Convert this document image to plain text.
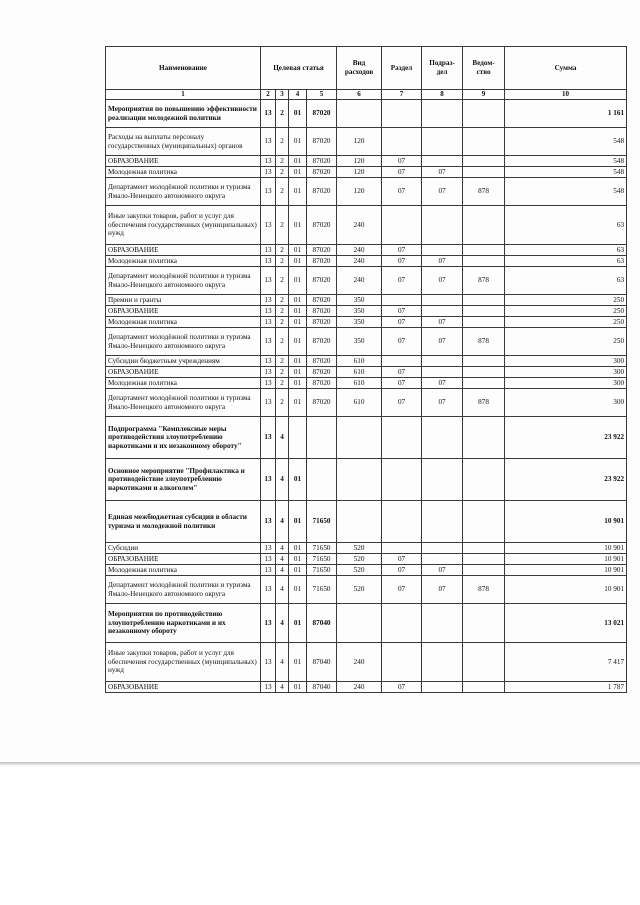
Наименование	Целевая статья				Вид расходов	Раздел	Подраз- дел	Ведом- ство	Сумма
1	2	3	4	5	6	7	8	9	10
Мероприятия по повышению эффективности реализации молодежной политики	13	2	01	87020					1 161
Расходы на выплаты персоналу государственных (муниципальных) органов	13	2	01	87020	120				548
ОБРАЗОВАНИЕ	13	2	01	87020	120	07			548
Молодежная политика	13	2	01	87020	120	07	07		548
Департамент молодёжной политики и туризма Ямало-Ненецкого автономного округа	13	2	01	87020	120	07	07	878	548
Иные закупки товаров, работ и услуг для обеспечения государственных (муниципальных) нужд	13	2	01	87020	240				63
ОБРАЗОВАНИЕ	13	2	01	87020	240	07			63
Молодежная политика	13	2	01	87020	240	07	07		63
Департамент молодёжной политики и туризма Ямало-Ненецкого автономного округа	13	2	01	87020	240	07	07	878	63
Премии и гранты	13	2	01	87020	350				250
ОБРАЗОВАНИЕ	13	2	01	87020	350	07			250
Молодежная политика	13	2	01	87020	350	07	07		250
Департамент молодёжной политики и туризма Ямало-Ненецкого автономного округа	13	2	01	87020	350	07	07	878	250
Субсидии бюджетным учреждениям	13	2	01	87020	610				300
ОБРАЗОВАНИЕ	13	2	01	87020	610	07			300
Молодежная политика	13	2	01	87020	610	07	07		300
Департамент молодёжной политики и туризма Ямало-Ненецкого автономного округа	13	2	01	87020	610	07	07	878	300
Подпрограмма "Комплексные меры противодействия злоупотреблению наркотиками и их незаконному обороту"	13	4							23 922
Основное мероприятие "Профилактика и противодействие злоупотреблению наркотиками и алкоголем"	13	4	01						23 922
Единая межбюджетная субсидия в области туризма и молодежной политики	13	4	01	71650					10 901
Субсидии	13	4	01	71650	520				10 901
ОБРАЗОВАНИЕ	13	4	01	71650	520	07			10 901
Молодежная политика	13	4	01	71650	520	07	07		10 901
Департамент молодёжной политики и туризма Ямало-Ненецкого автономного округа	13	4	01	71650	520	07	07	878	10 901
Мероприятия по противодействию злоупотреблению наркотиками и их незаконному обороту	13	4	01	87040					13 021
Иные закупки товаров, работ и услуг для обеспечения государственных (муниципальных) нужд	13	4	01	87040	240				7 417
ОБРАЗОВАНИЕ	13	4	01	87040	240	07			1 787
